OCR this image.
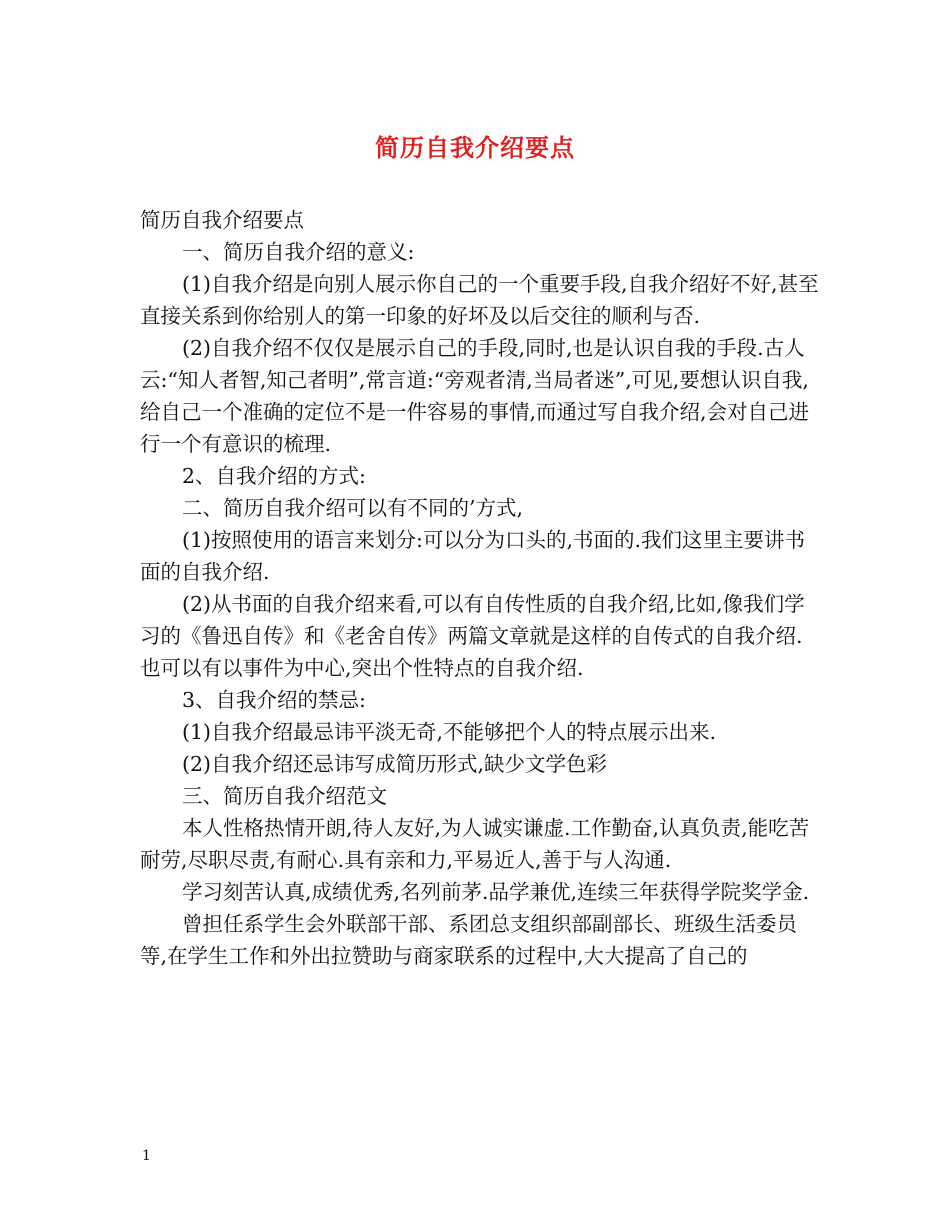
简历自我介绍要点

简历自我介绍要点

一、简历自我介绍的意义:

(1)自我介绍是向别人展示你自己的一个重要手段,自我介绍好不好,甚至直接关系到你给别人的第一印象的好坏及以后交往的顺利与否.

(2)自我介绍不仅仅是展示自己的手段,同时,也是认识自我的手段.古人云:“知人者智,知己者明”,常言道:“旁观者清,当局者迷”,可见,要想认识自我,给自己一个准确的定位不是一件容易的事情,而通过写自我介绍,会对自己进行一个有意识的梳理.

2、自我介绍的方式:

二、简历自我介绍可以有不同的’方式,

(1)按照使用的语言来划分:可以分为口头的,书面的.我们这里主要讲书面的自我介绍.

(2)从书面的自我介绍来看,可以有自传性质的自我介绍,比如,像我们学习的《鲁迅自传》和《老舍自传》两篇文章就是这样的自传式的自我介绍.也可以有以事件为中心,突出个性特点的自我介绍.

3、自我介绍的禁忌:

(1)自我介绍最忌讳平淡无奇,不能够把个人的特点展示出来.

(2)自我介绍还忌讳写成简历形式,缺少文学色彩

三、简历自我介绍范文

本人性格热情开朗,待人友好,为人诚实谦虚.工作勤奋,认真负责,能吃苦耐劳,尽职尽责,有耐心.具有亲和力,平易近人,善于与人沟通.

学习刻苦认真,成绩优秀,名列前茅.品学兼优,连续三年获得学院奖学金.

曾担任系学生会外联部干部、系团总支组织部副部长、班级生活委员等,在学生工作和外出拉赞助与商家联系的过程中,大大提高了自己的

1
